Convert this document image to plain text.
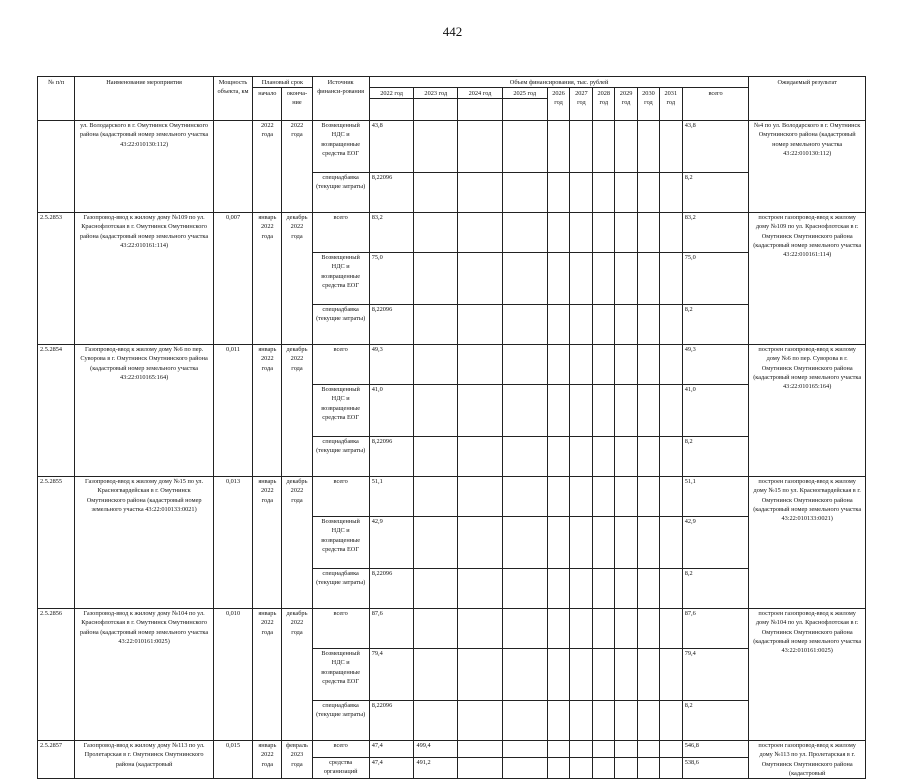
442
№ п/п	Наименование мероприятия	Мощность объекта, км	Плановый срок		Источник финанси-рования	Объем финансирования, тыс. рублей											Ожидаемый результат
			начало	оконча-ние		2022 год	2023 год	2024 год	2025 год	2026 год	2027 год	2028 год	2029 год	2030 год	2031 год	всего	

	ул. Володарского в г. Омутнинск Омутнинского района (кадастровый номер земельного участка 43:22:010130:112)		2022 года	2022 года	Возмещенный НДС и возвращенные средства ЕОГ	43,8										43,8	№4 по ул. Володарского в г. Омутнинск Омутнинского района (кадастровый номер земельного участка 43:22:010130:112)
					спецнадбавка (текущие затраты)	8,22096										8,2	
2.5.2853	Газопровод-ввод к жилому дому №109 по ул. Краснофлотская в г. Омутнинск Омутнинского района (кадастровый номер земельного участка 43:22:010161:114)	0,007	январь 2022 года	декабрь 2022 года	всего	83,2										83,2	построен газопровод-ввод к жилому дому №109 по ул. Краснофлотская в г. Омутнинск Омутнинского района (кадастровый номер земельного участка 43:22:010161:114)
					Возмещенный НДС и возвращенные средства ЕОГ	75,0										75,0	
					спецнадбавка (текущие затраты)	8,22096										8,2	
2.5.2854	Газопровод-ввод к жилому дому №6 по пер. Суворова в г. Омутнинск Омутнинского района (кадастровый номер земельного участка 43:22:010165:164)	0,011	январь 2022 года	декабрь 2022 года	всего	49,3										49,3	построен газопровод-ввод к жилому дому №6 по пер. Суворова в г. Омутнинск Омутнинского района (кадастровый номер земельного участка 43:22:010165:164)
					Возмещенный НДС и возвращенные средства ЕОГ	41,0										41,0	
					спецнадбавка (текущие затраты)	8,22096										8,2	
2.5.2855	Газопровод-ввод к жилому дому №15 по ул. Красногвардейская в г. Омутнинск Омутнинского района (кадастровый номер земельного участка 43:22:010133:0021)	0,013	январь 2022 года	декабрь 2022 года	всего	51,1										51,1	построен газопровод-ввод к жилому дому №15 по ул. Красногвардейская в г. Омутнинск Омутнинского района (кадастровый номер земельного участка 43:22:010133:0021)
					Возмещенный НДС и возвращенные средства ЕОГ	42,9										42,9	
					спецнадбавка (текущие затраты)	8,22096										8,2	
2.5.2856	Газопровод-ввод к жилому дому №104 по ул. Краснофлотская в г. Омутнинск Омутнинского района (кадастровый номер земельного участка 43:22:010161:0025)	0,010	январь 2022 года	декабрь 2022 года	всего	87,6										87,6	построен газопровод-ввод к жилому дому №104 по ул. Краснофлотская в г. Омутнинск Омутнинского района (кадастровый номер земельного участка 43:22:010161:0025)
					Возмещенный НДС и возвращенные средства ЕОГ	79,4										79,4	
					спецнадбавка (текущие затраты)	8,22096										8,2	
2.5.2857	Газопровод-ввод к жилому дому №113 по ул. Пролетарская в г. Омутнинск Омутнинского района (кадастровый	0,015	январь 2022 года	февраль 2023 года	всего	47,4	499,4									546,8	построен газопровод-ввод к жилому дому №113 по ул. Пролетарская в г. Омутнинск Омутнинского района (кадастровый
					средства организаций	47,4	491,2									538,6	
